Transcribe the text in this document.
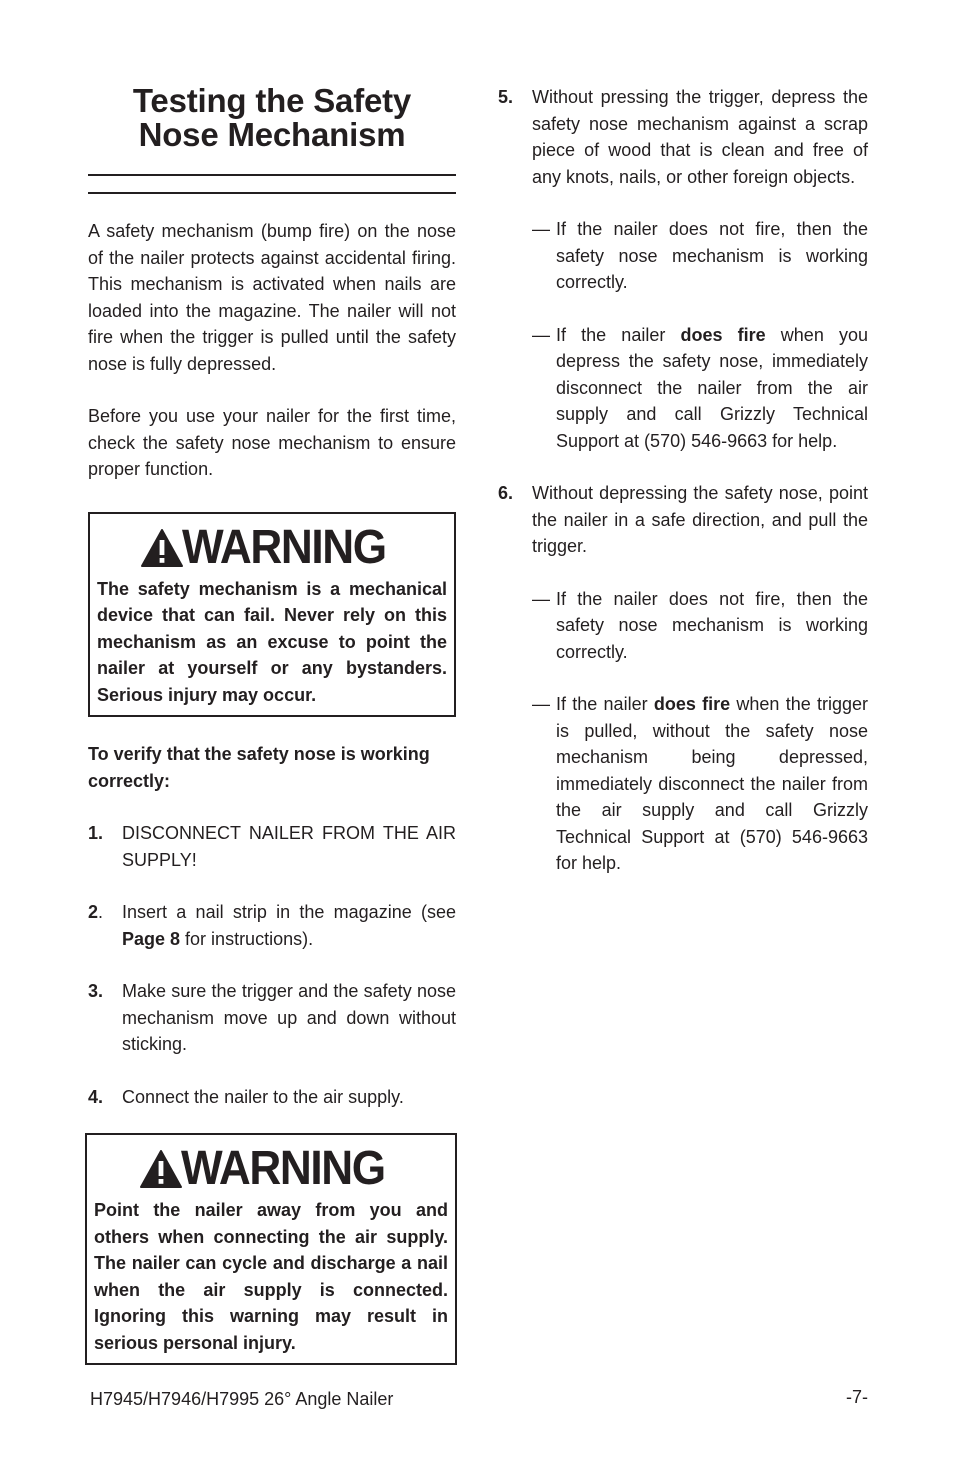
Testing the Safety
Nose Mechanism

A safety mechanism (bump fire) on the nose of the nailer protects against accidental firing. This mechanism is activated when nails are loaded into the magazine. The nailer will not fire when the trigger is pulled until the safety nose is fully depressed.

Before you use your nailer for the first time, check the safety nose mechanism to ensure proper function.

WARNING
The safety mechanism is a mechanical device that can fail. Never rely on this mechanism as an excuse to point the nailer at yourself or any bystanders. Serious injury may occur.

To verify that the safety nose is working correctly:

1.	DISCONNECT NAILER FROM THE AIR SUPPLY!
2.	Insert a nail strip in the magazine (see Page 8 for instructions).
3.	Make sure the trigger and the safety nose mechanism move up and down without sticking.
4.	Connect the nailer to the air supply.
WARNING
Point the nailer away from you and others when connecting the air supply. The nailer can cycle and discharge a nail when the air supply is connected. Ignoring this warning may result in serious personal injury.
5.	Without pressing the trigger, depress the safety nose mechanism against a scrap piece of wood that is clean and free of any knots, nails, or other foreign objects.
— If the nailer does not fire, then the safety nose mechanism is working correctly.
— If the nailer does fire when you depress the safety nose, immediately disconnect the nailer from the air supply and call Grizzly Technical Support at (570) 546-9663 for help.
6.	Without depressing the safety nose, point the nailer in a safe direction, and pull the trigger.
— If the nailer does not fire, then the safety nose mechanism is working correctly.
— If the nailer does fire when the trigger is pulled, without the safety nose mechanism being depressed, immediately disconnect the nailer from the air supply and call Grizzly Technical Support at (570) 546-9663 for help.
H7945/H7946/H7995 26° Angle Nailer	-7-
